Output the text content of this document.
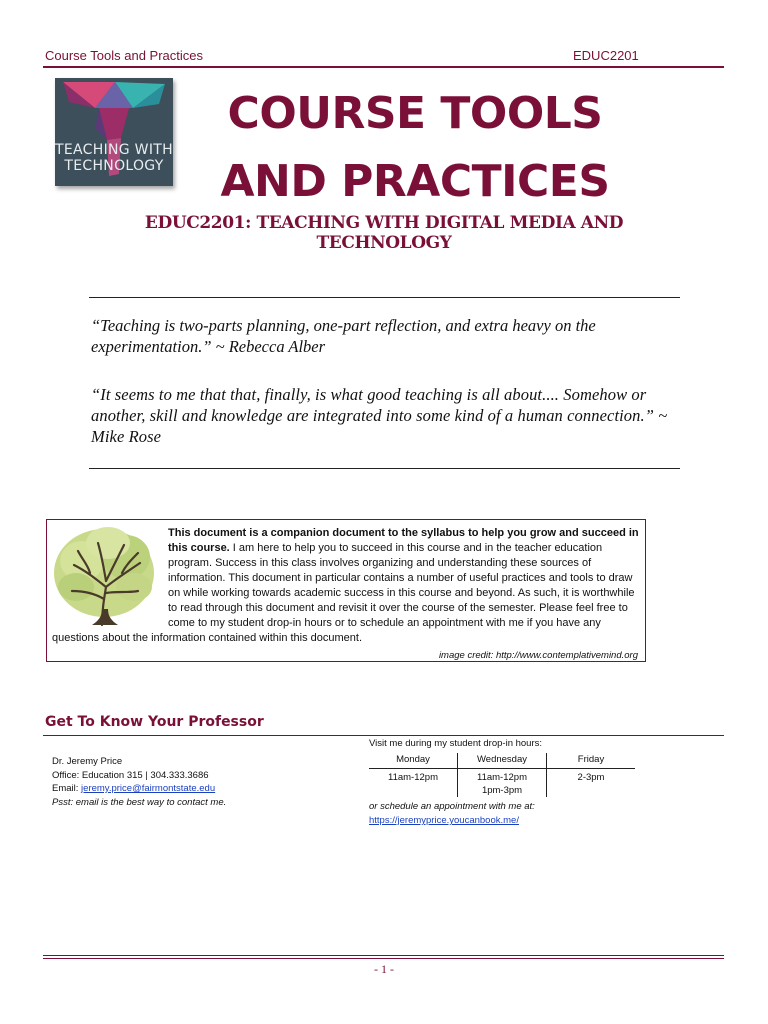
Course Tools and Practices	EDUC2201
TEACHING WITH
TECHNOLOGY
COURSE TOOLS
AND PRACTICES
EDUC2201: TEACHING WITH DIGITAL MEDIA AND TECHNOLOGY
“Teaching is two-parts planning, one-part reflection, and extra heavy on the experimentation.” ~ Rebecca Alber
“It seems to me that that, finally, is what good teaching is all about.... Somehow or another, skill and knowledge are integrated into some kind of a human connection.” ~ Mike Rose
This document is a companion document to the syllabus to help you grow and succeed in this course. I am here to help you to succeed in this course and in the teacher education program. Success in this class involves organizing and understanding these sources of information. This document in particular contains a number of useful practices and tools to draw on while working towards academic success in this course and beyond. As such, it is worthwhile to read through this document and revisit it over the course of the semester. Please feel free to come to my student drop-in hours or to schedule an appointment with me if you have any questions about the information contained within this document.
image credit: http://www.contemplativemind.org
Get To Know Your Professor
Dr. Jeremy Price
Office: Education 315 | 304.333.3686
Email: jeremy.price@fairmontstate.edu
Psst: email is the best way to contact me.
Visit me during my student drop-in hours:
Monday	Wednesday	Friday
11am-12pm	11am-12pm	2-3pm
	1pm-3pm	
or schedule an appointment with me at:
https://jeremyprice.youcanbook.me/
- 1 -
